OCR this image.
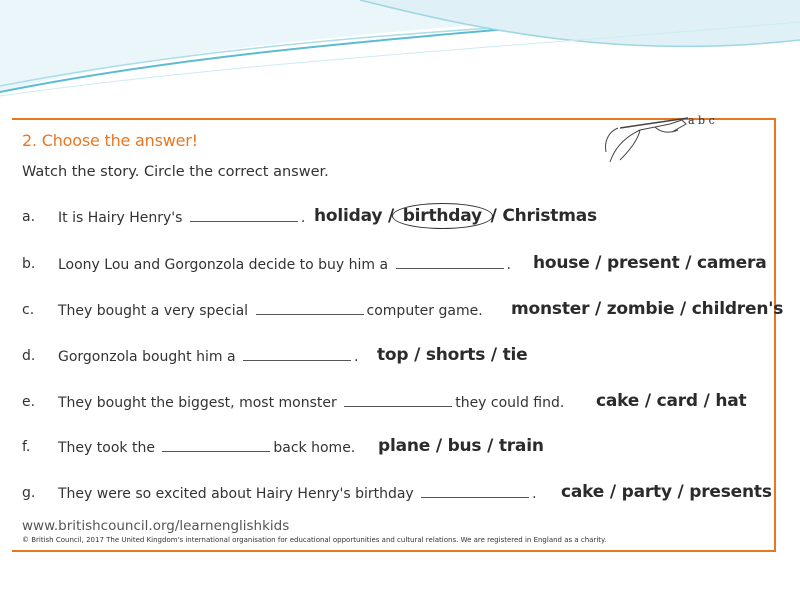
a b c
2. Choose the answer!
Watch the story. Circle the correct answer.
a. It is Hairy Henry's	. holiday / birthday / Christmas
b. Loony Lou and Gorgonzola decide to buy him a	. house / present / camera
c. They bought a very special	computer game. monster / zombie / children's
d. Gorgonzola bought him a	. top / shorts / tie
e. They bought the biggest, most monster	they could find. cake / card / hat
f. They took the	back home. plane / bus / train
g. They were so excited about Hairy Henry's birthday	. cake / party / presents
www.britishcouncil.org/learnenglishkids
© British Council, 2017 The United Kingdom's international organisation for educational opportunities and cultural relations. We are registered in England as a charity.
